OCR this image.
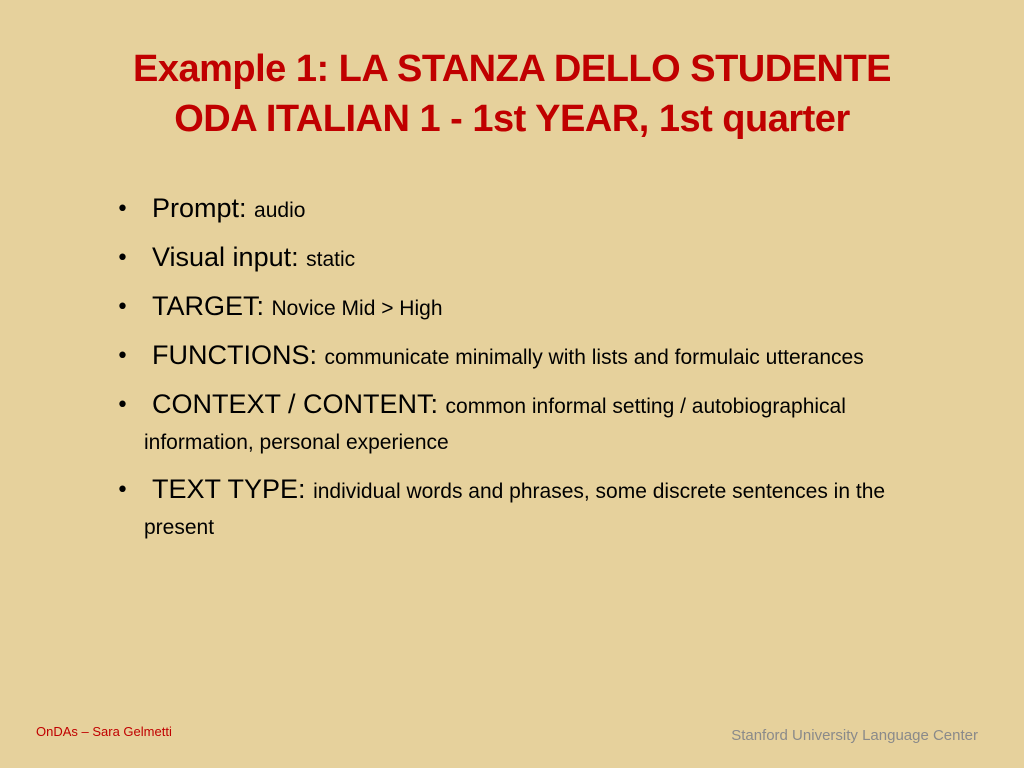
Example 1: LA STANZA DELLO STUDENTE
ODA ITALIAN 1 - 1st YEAR, 1st quarter
• Prompt: audio
• Visual input: static
• TARGET: Novice Mid > High
• FUNCTIONS: communicate minimally with lists and formulaic utterances
• CONTEXT / CONTENT: common informal setting / autobiographical information, personal experience
• TEXT TYPE: individual words and phrases, some discrete sentences in the present
OnDAs – Sara Gelmetti	Stanford University Language Center
